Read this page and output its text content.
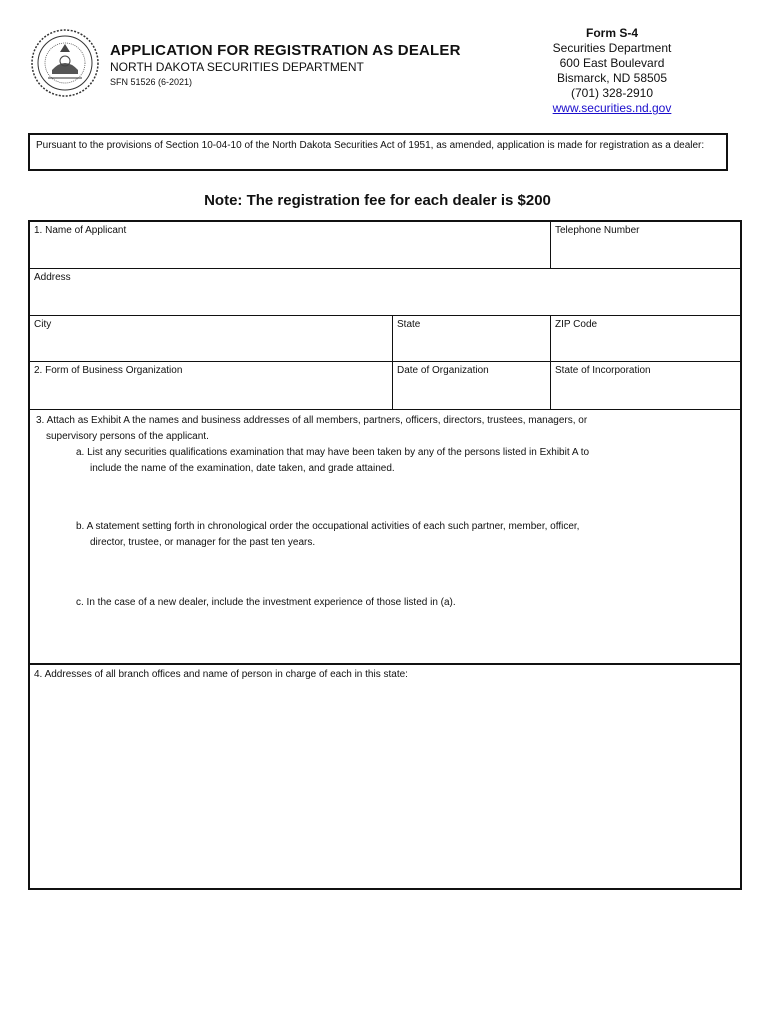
APPLICATION FOR REGISTRATION AS DEALER
NORTH DAKOTA SECURITIES DEPARTMENT
SFN 51526 (6-2021)
Form S-4
Securities Department
600 East Boulevard
Bismarck, ND 58505
(701) 328-2910
www.securities.nd.gov
Pursuant to the provisions of Section 10-04-10 of the North Dakota Securities Act of 1951, as amended, application is made for registration as a dealer:
Note: The registration fee for each dealer is $200
1. Name of Applicant	Telephone Number
Address
City	State	ZIP Code
2. Form of Business Organization	Date of Organization	State of Incorporation
3. Attach as Exhibit A the names and business addresses of all members, partners, officers, directors, trustees, managers, or
supervisory persons of the applicant.
a. List any securities qualifications examination that may have been taken by any of the persons listed in Exhibit A to
include the name of the examination, date taken, and grade attained.
b. A statement setting forth in chronological order the occupational activities of each such partner, member, officer,
director, trustee, or manager for the past ten years.
c. In the case of a new dealer, include the investment experience of those listed in (a).
4. Addresses of all branch offices and name of person in charge of each in this state:
